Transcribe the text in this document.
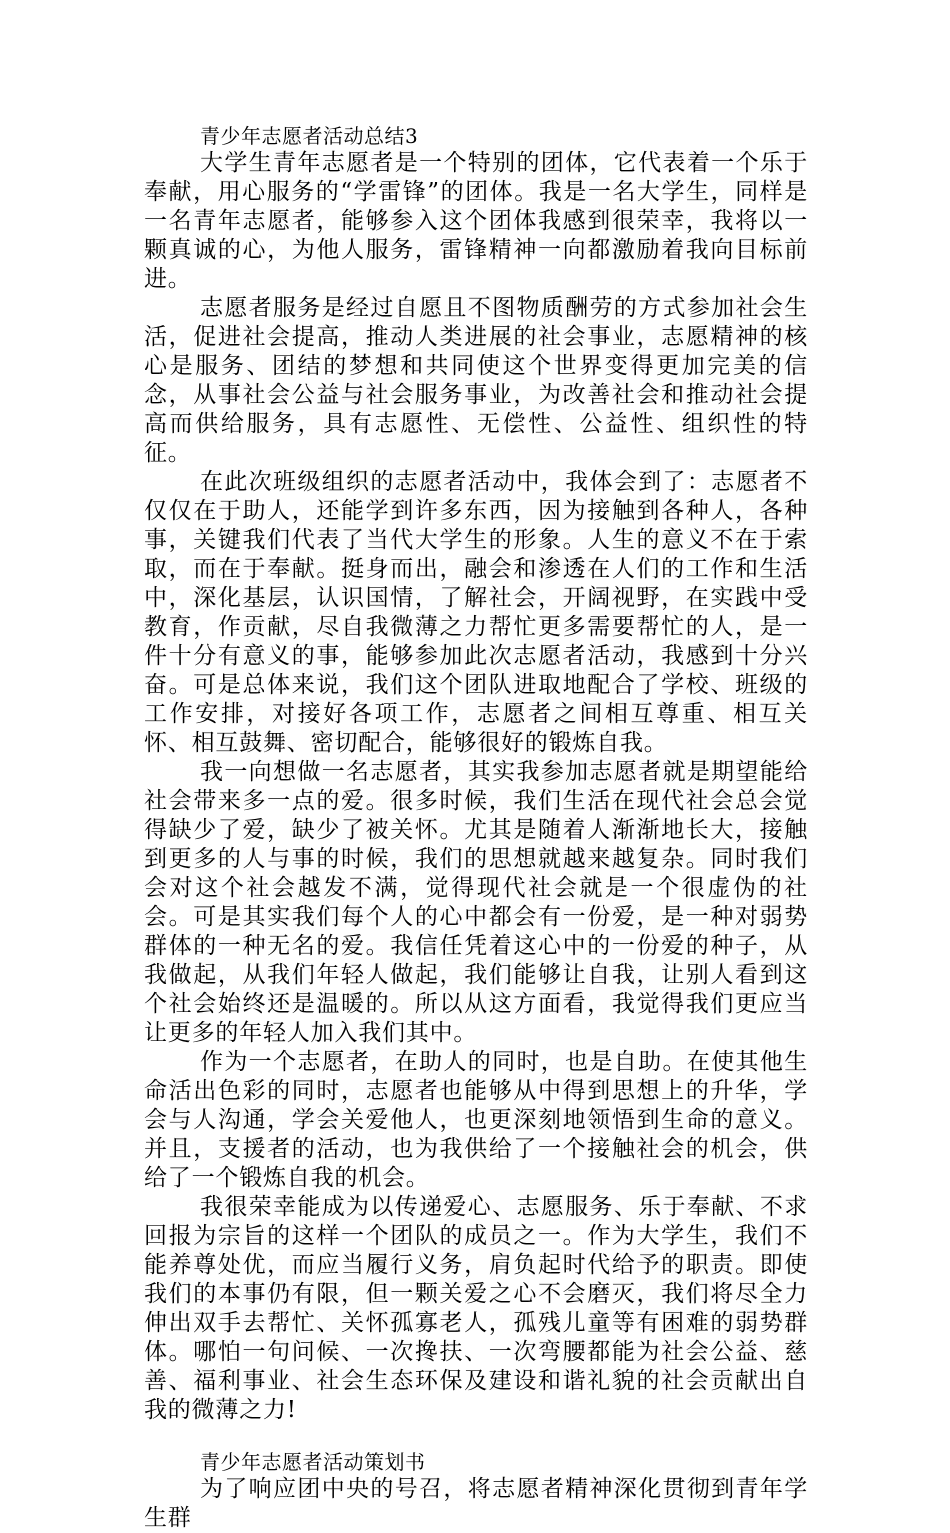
青少年志愿者活动总结3

大学生青年志愿者是一个特别的团体，它代表着一个乐于奉献，用心服务的“学雷锋”的团体。我是一名大学生，同样是一名青年志愿者，能够参入这个团体我感到很荣幸，我将以一颗真诚的心，为他人服务，雷锋精神一向都激励着我向目标前进。

志愿者服务是经过自愿且不图物质酬劳的方式参加社会生活，促进社会提高，推动人类进展的社会事业，志愿精神的核心是服务、团结的梦想和共同使这个世界变得更加完美的信念，从事社会公益与社会服务事业，为改善社会和推动社会提高而供给服务，具有志愿性、无偿性、公益性、组织性的特征。

在此次班级组织的志愿者活动中，我体会到了：志愿者不仅仅在于助人，还能学到许多东西，因为接触到各种人，各种事，关键我们代表了当代大学生的形象。人生的意义不在于索取，而在于奉献。挺身而出，融会和渗透在人们的工作和生活中，深化基层，认识国情，了解社会，开阔视野，在实践中受教育，作贡献，尽自我微薄之力帮忙更多需要帮忙的人，是一件十分有意义的事，能够参加此次志愿者活动，我感到十分兴奋。可是总体来说，我们这个团队进取地配合了学校、班级的工作安排，对接好各项工作，志愿者之间相互尊重、相互关怀、相互鼓舞、密切配合，能够很好的锻炼自我。

我一向想做一名志愿者，其实我参加志愿者就是期望能给社会带来多一点的爱。很多时候，我们生活在现代社会总会觉得缺少了爱，缺少了被关怀。尤其是随着人渐渐地长大，接触到更多的人与事的时候，我们的思想就越来越复杂。同时我们会对这个社会越发不满，觉得现代社会就是一个很虚伪的社会。可是其实我们每个人的心中都会有一份爱，是一种对弱势群体的一种无名的爱。我信任凭着这心中的一份爱的种子，从我做起，从我们年轻人做起，我们能够让自我，让别人看到这个社会始终还是温暖的。所以从这方面看，我觉得我们更应当让更多的年轻人加入我们其中。

作为一个志愿者，在助人的同时，也是自助。在使其他生命活出色彩的同时，志愿者也能够从中得到思想上的升华，学会与人沟通，学会关爱他人，也更深刻地领悟到生命的意义。并且，支援者的活动，也为我供给了一个接触社会的机会，供给了一个锻炼自我的机会。

我很荣幸能成为以传递爱心、志愿服务、乐于奉献、不求回报为宗旨的这样一个团队的成员之一。作为大学生，我们不能养尊处优，而应当履行义务，肩负起时代给予的职责。即使我们的本事仍有限，但一颗关爱之心不会磨灭，我们将尽全力伸出双手去帮忙、关怀孤寡老人，孤残儿童等有困难的弱势群体。哪怕一句问候、一次搀扶、一次弯腰都能为社会公益、慈善、福利事业、社会生态环保及建设和谐礼貌的社会贡献出自我的微薄之力!

青少年志愿者活动策划书

为了响应团中央的号召，将志愿者精神深化贯彻到青年学生群
